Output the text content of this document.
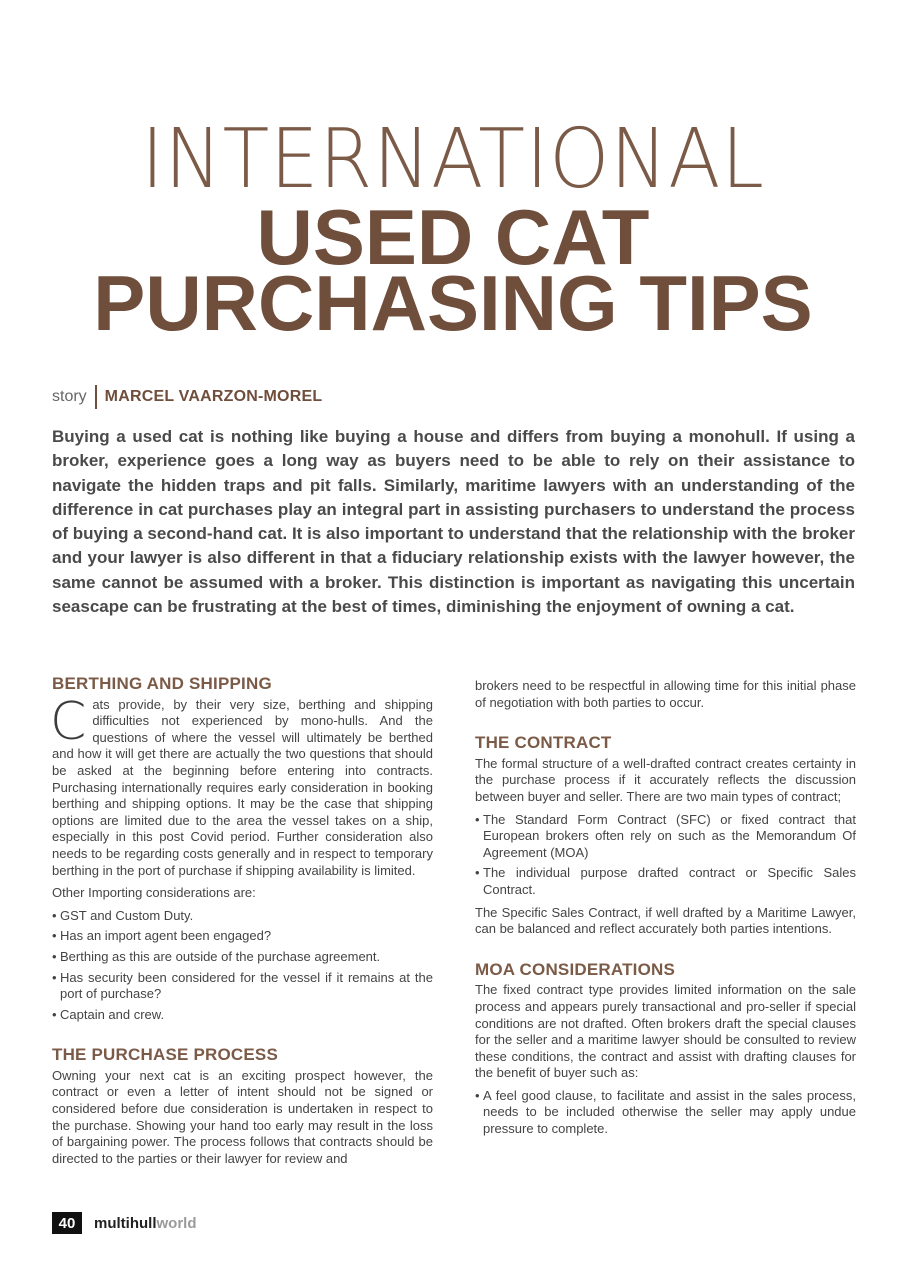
INTERNATIONAL
USED CAT
PURCHASING TIPS
story MARCEL VAARZON-MOREL
Buying a used cat is nothing like buying a house and differs from buying a monohull. If using a broker, experience goes a long way as buyers need to be able to rely on their assistance to navigate the hidden traps and pit falls. Similarly, maritime lawyers with an understanding of the difference in cat purchases play an integral part in assisting purchasers to understand the process of buying a second-hand cat. It is also important to understand that the relationship with the broker and your lawyer is also different in that a fiduciary relationship exists with the lawyer however, the same cannot be assumed with a broker. This distinction is important as navigating this uncertain seascape can be frustrating at the best of times, diminishing the enjoyment of owning a cat.
BERTHING AND SHIPPING

Cats provide, by their very size, berthing and shipping difficulties not experienced by mono-hulls. And the questions of where the vessel will ultimately be berthed and how it will get there are actually the two questions that should be asked at the beginning before entering into contracts. Purchasing internationally requires early consideration in booking berthing and shipping options. It may be the case that shipping options are limited due to the area the vessel takes on a ship, especially in this post Covid period. Further consideration also needs to be regarding costs generally and in respect to temporary berthing in the port of purchase if shipping availability is limited.

Other Importing considerations are:

• GST and Custom Duty.
• Has an import agent been engaged?
• Berthing as this are outside of the purchase agreement.
• Has security been considered for the vessel if it remains at the port of purchase?
• Captain and crew.
THE PURCHASE PROCESS

Owning your next cat is an exciting prospect however, the contract or even a letter of intent should not be signed or considered before due consideration is undertaken in respect to the purchase. Showing your hand too early may result in the loss of bargaining power. The process follows that contracts should be directed to the parties or their lawyer for review and

brokers need to be respectful in allowing time for this initial phase of negotiation with both parties to occur.

THE CONTRACT

The formal structure of a well-drafted contract creates certainty in the purchase process if it accurately reflects the discussion between buyer and seller. There are two main types of contract;

• The Standard Form Contract (SFC) or fixed contract that European brokers often rely on such as the Memorandum Of Agreement (MOA)
• The individual purpose drafted contract or Specific Sales Contract.

The Specific Sales Contract, if well drafted by a Maritime Lawyer, can be balanced and reflect accurately both parties intentions.

MOA CONSIDERATIONS

The fixed contract type provides limited information on the sale process and appears purely transactional and pro-seller if special conditions are not drafted. Often brokers draft the special clauses for the seller and a maritime lawyer should be consulted to review these conditions, the contract and assist with drafting clauses for the benefit of buyer such as:

• A feel good clause, to facilitate and assist in the sales process, needs to be included otherwise the seller may apply undue pressure to complete.
40	multihullworld
